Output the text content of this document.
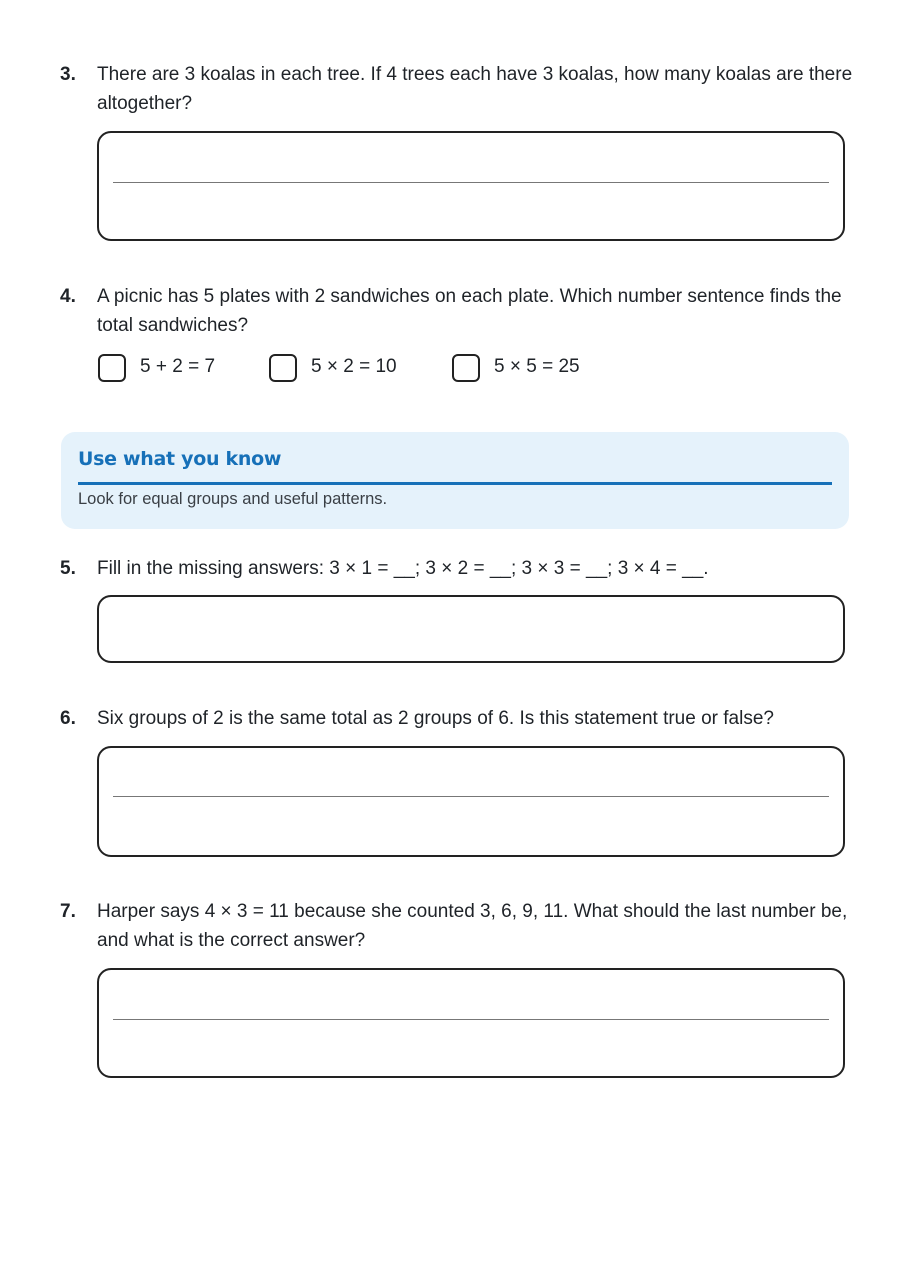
3. There are 3 koalas in each tree. If 4 trees each have 3 koalas, how many koalas are there altogether?
4. A picnic has 5 plates with 2 sandwiches on each plate. Which number sentence finds the total sandwiches?
5 + 2 = 7	5 × 2 = 10	5 × 5 = 25
Use what you know
Look for equal groups and useful patterns.
5. Fill in the missing answers: 3 × 1 = __; 3 × 2 = __; 3 × 3 = __; 3 × 4 = __.
6. Six groups of 2 is the same total as 2 groups of 6. Is this statement true or false?
7. Harper says 4 × 3 = 11 because she counted 3, 6, 9, 11. What should the last number be, and what is the correct answer?
